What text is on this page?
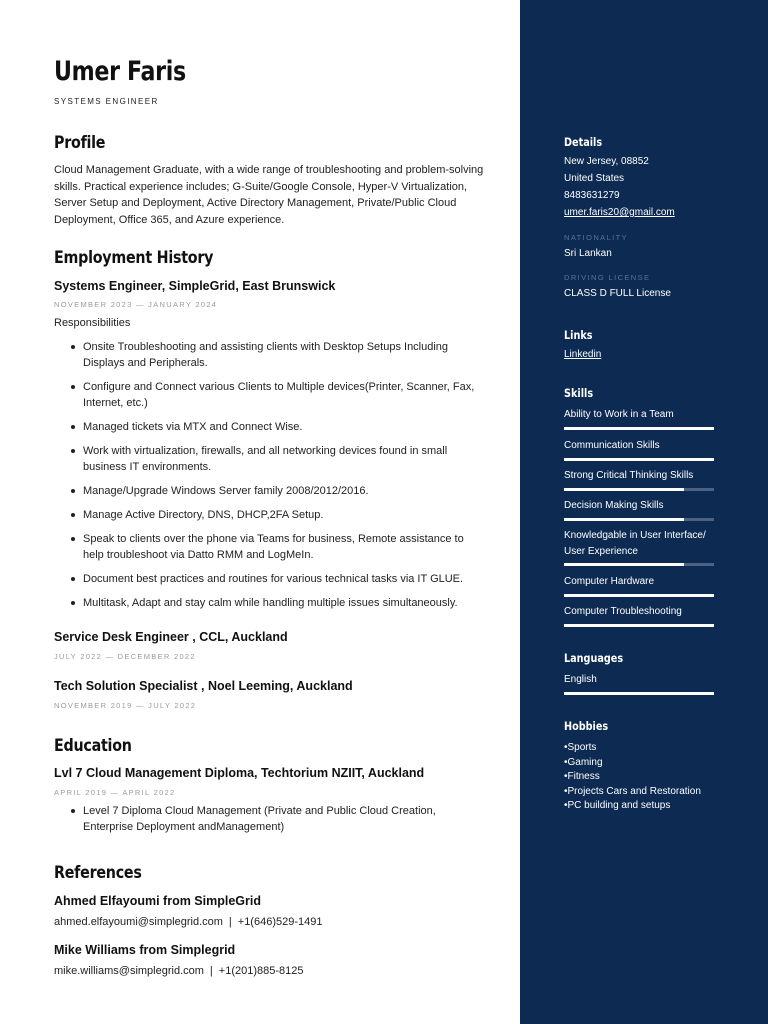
Umer Faris
SYSTEMS ENGINEER
Profile
Cloud Management Graduate, with a wide range of troubleshooting and problem-solving skills. Practical experience includes; G-Suite/Google Console, Hyper-V Virtualization, Server Setup and Deployment, Active Directory Management, Private/Public Cloud Deployment, Office 365, and Azure experience.
Employment History
Systems Engineer, SimpleGrid, East Brunswick
NOVEMBER 2023 — JANUARY 2024
Responsibilities
Onsite Troubleshooting and assisting clients with Desktop Setups Including Displays and Peripherals.
Configure and Connect various Clients to Multiple devices(Printer, Scanner, Fax, Internet, etc.)
Managed tickets via MTX and Connect Wise.
Work with virtualization, firewalls, and all networking devices found in small business IT environments.
Manage/Upgrade Windows Server family 2008/2012/2016.
Manage Active Directory, DNS, DHCP,2FA Setup.
Speak to clients over the phone via Teams for business, Remote assistance to help troubleshoot via Datto RMM and LogMeIn.
Document best practices and routines for various technical tasks via IT GLUE.
Multitask, Adapt and stay calm while handling multiple issues simultaneously.
Service Desk Engineer , CCL, Auckland
JULY 2022 — DECEMBER 2022
Tech Solution Specialist , Noel Leeming, Auckland
NOVEMBER 2019 — JULY 2022
Education
Lvl 7 Cloud Management Diploma, Techtorium NZIIT, Auckland
APRIL 2019 — APRIL 2022
Level 7 Diploma Cloud Management (Private and Public Cloud Creation, Enterprise Deployment andManagement)
References
Ahmed Elfayoumi from SimpleGrid
ahmed.elfayoumi@simplegrid.com | +1(646)529-1491
Mike Williams from Simplegrid
mike.williams@simplegrid.com | +1(201)885-8125
Details
New Jersey, 08852
United States
8483631279
umer.faris20@gmail.com
NATIONALITY
Sri Lankan
DRIVING LICENSE
CLASS D FULL License
Links
Linkedin
Skills
Ability to Work in a Team
Communication Skills
Strong Critical Thinking Skills
Decision Making Skills
Knowledgable in User Interface/ User Experience
Computer Hardware
Computer Troubleshooting
Languages
English
Hobbies
•Sports
•Gaming
•Fitness
•Projects Cars and Restoration
•PC building and setups
